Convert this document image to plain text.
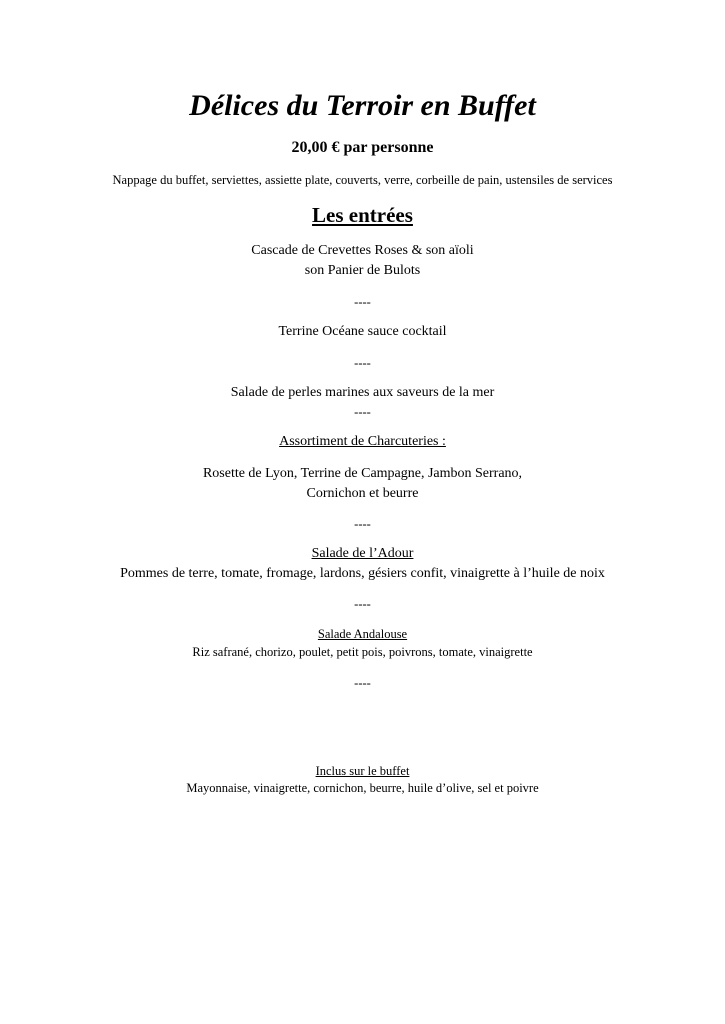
Délices du Terroir en Buffet
20,00 € par personne
Nappage du buffet, serviettes, assiette plate, couverts, verre, corbeille de pain, ustensiles de services
Les entrées
Cascade de Crevettes Roses & son aïoli
son Panier de Bulots
----
Terrine Océane sauce cocktail
----
Salade de perles marines aux saveurs de la mer
----
Assortiment de Charcuteries :
Rosette de Lyon, Terrine de Campagne, Jambon Serrano,
Cornichon et beurre
----
Salade de l’Adour
Pommes de terre, tomate, fromage, lardons, gésiers confit, vinaigrette à l’huile de noix
----
Salade Andalouse
Riz safrané, chorizo, poulet, petit pois, poivrons, tomate, vinaigrette
----
Inclus sur le buffet
Mayonnaise, vinaigrette, cornichon, beurre, huile d’olive, sel et poivre
